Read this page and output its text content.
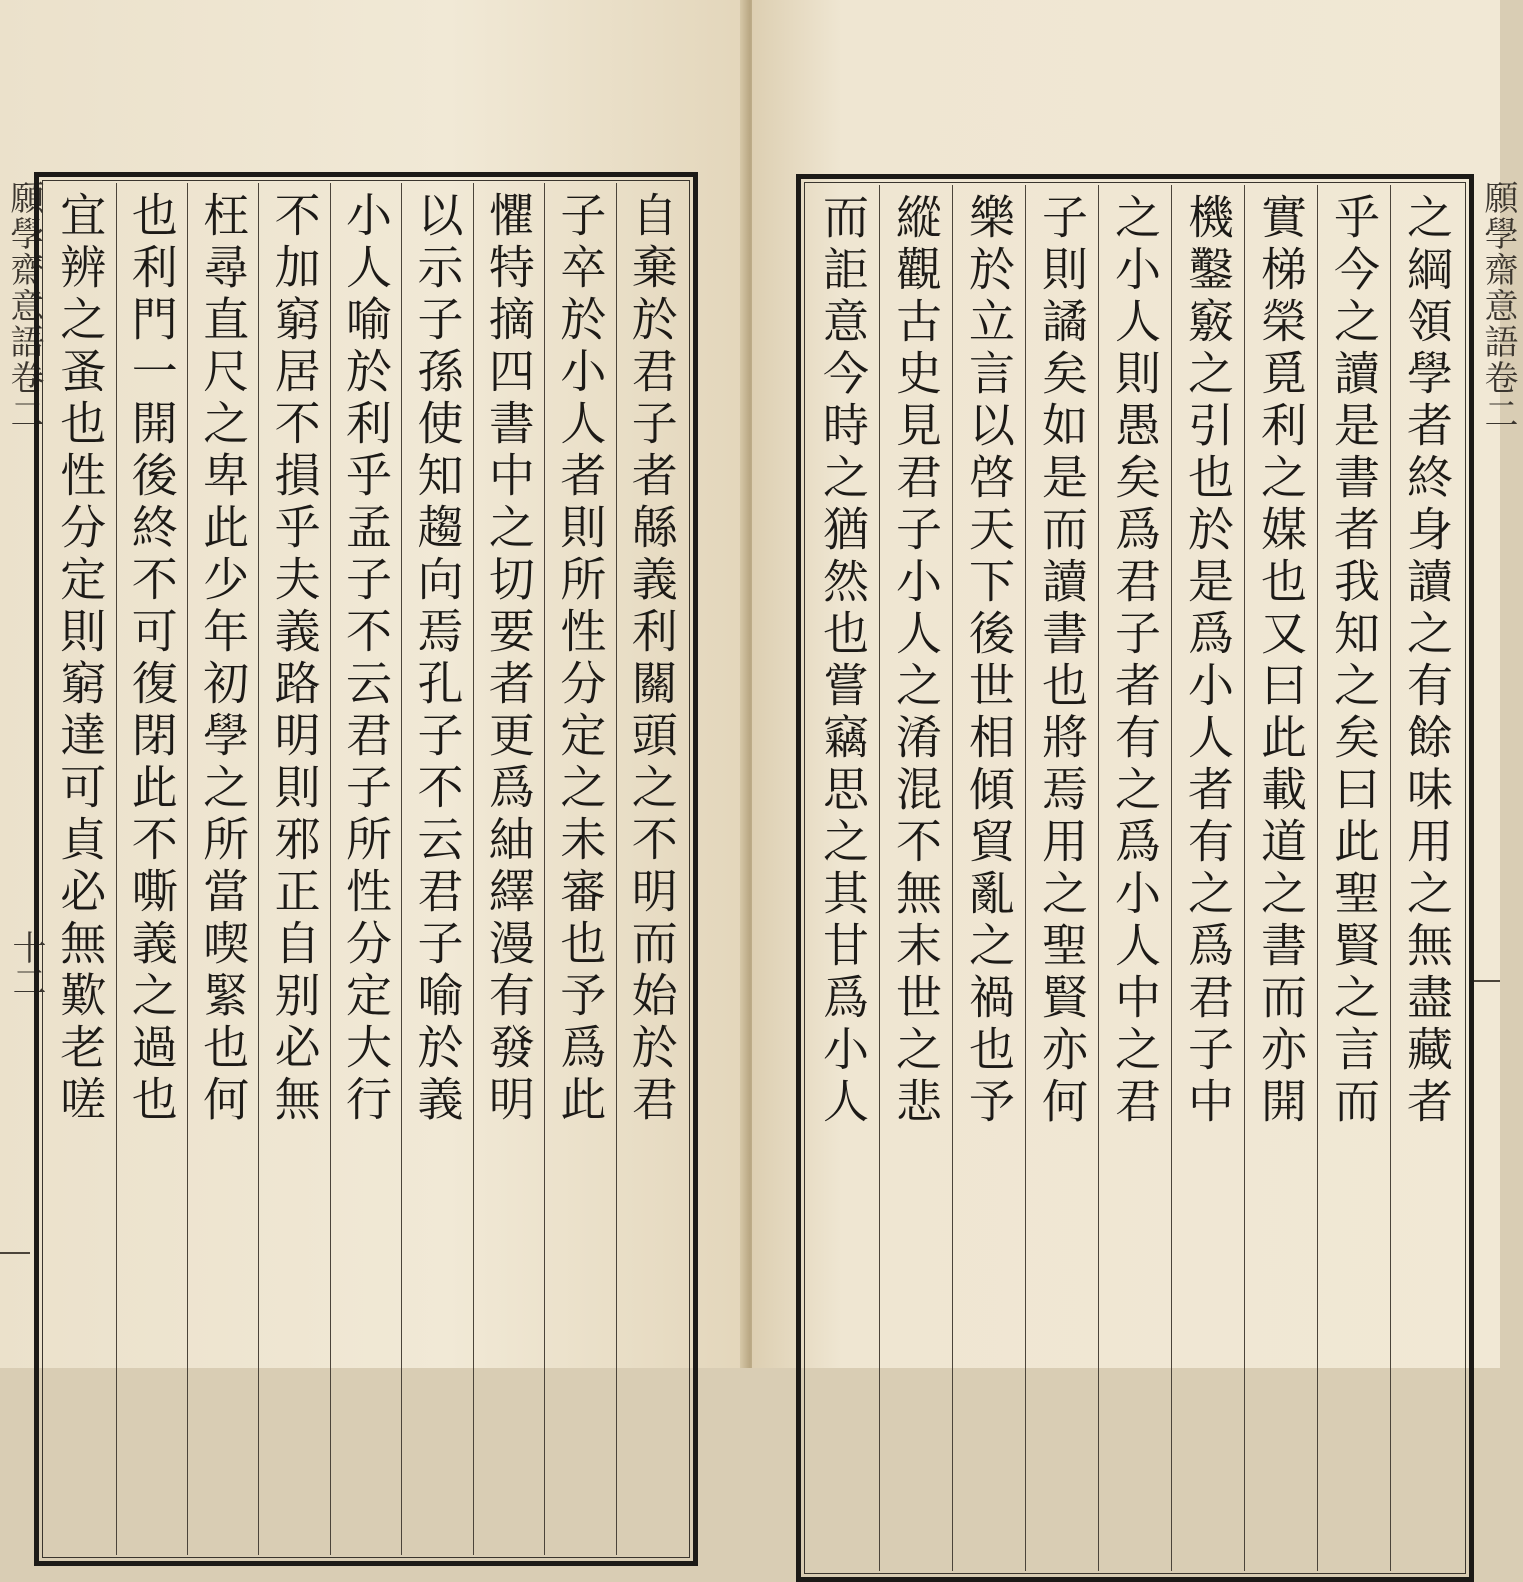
願學齋意語卷二
十二	自棄於君子者緜義利關頭之不明而始於君
子卒於小人者則所性分定之未審也予爲此
懼特摘四書中之切要者更爲紬繹漫有發明
以示子孫使知趨向焉孔子不云君子喻於義
小人喻於利乎孟子不云君子所性分定大行
不加窮居不損乎夫義路明則邪正自别必無
枉尋直尺之卑此少年初學之所當喫緊也何
也利門一開後終不可復閉此不嘶義之過也
宜辨之蚤也性分定則窮達可貞必無歎老嗟	之綱領學者終身讀之有餘味用之無盡藏者
乎今之讀是書者我知之矣曰此聖賢之言而
實梯榮覓利之媒也又曰此載道之書而亦開
機鑿竅之引也於是爲小人者有之爲君子中
之小人則愚矣爲君子者有之爲小人中之君
子則譎矣如是而讀書也將焉用之聖賢亦何
樂於立言以啓天下後世相傾貿亂之禍也予
縱觀古史見君子小人之淆混不無末世之悲
而詎意今時之猶然也嘗竊思之其甘爲小人	願學齋意語卷二
